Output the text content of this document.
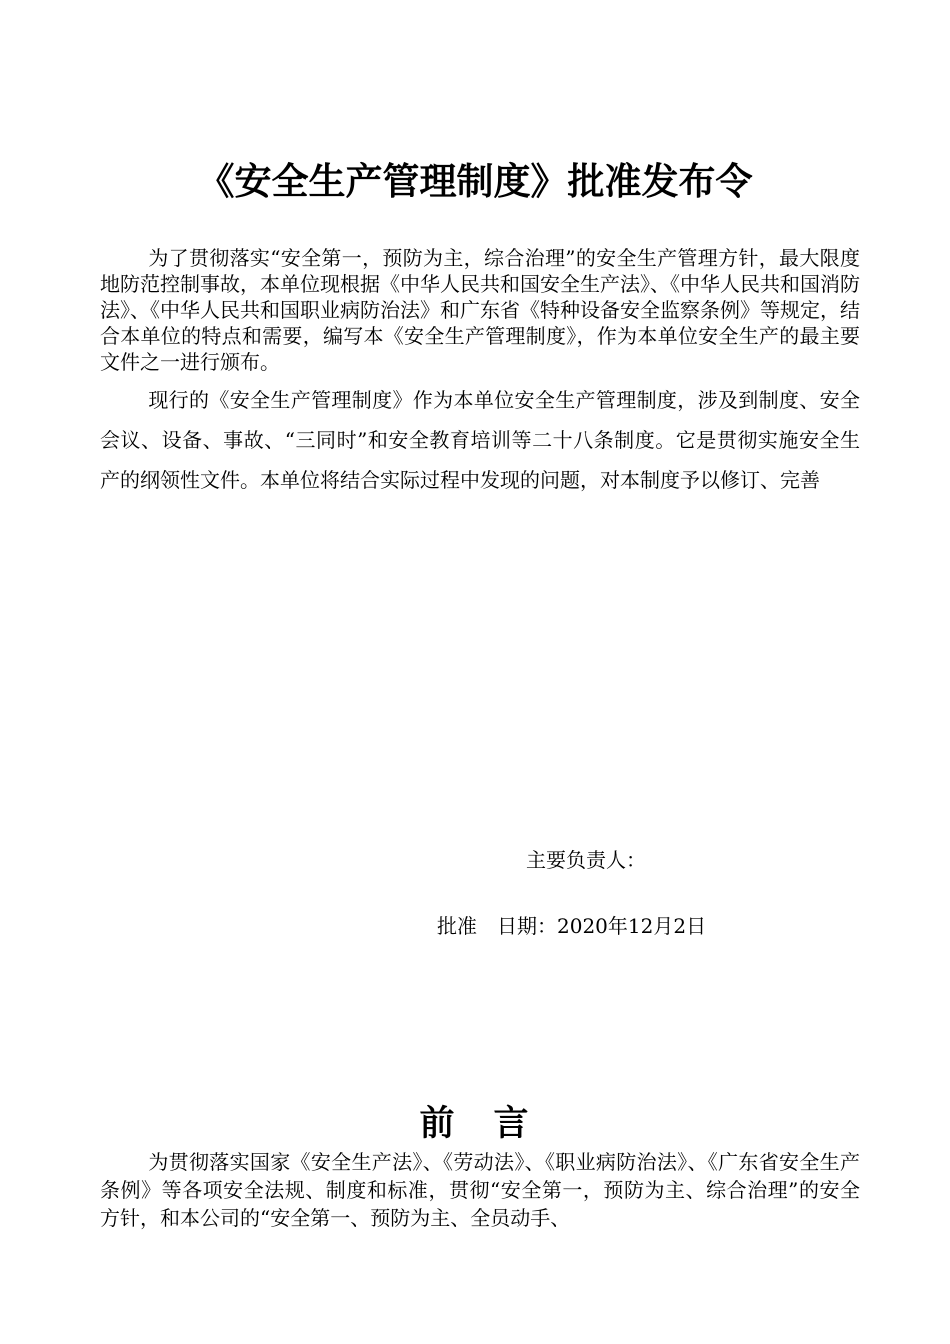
《安全生产管理制度》批准发布令

为了贯彻落实“安全第一，预防为主，综合治理”的安全生产管理方针，最大限度地防范控制事故，本单位现根据《中华人民共和国安全生产法》、《中华人民共和国消防法》、《中华人民共和国职业病防治法》和广东省《特种设备安全监察条例》等规定，结合本单位的特点和需要，编写本《安全生产管理制度》，作为本单位安全生产的最主要文件之一进行颁布。

现行的《安全生产管理制度》作为本单位安全生产管理制度，涉及到制度、安全会议、设备、事故、“三同时”和安全教育培训等二十八条制度。它是贯彻实施安全生产的纲领性文件。本单位将结合实际过程中发现的问题，对本制度予以修订、完善

主要负责人：

批准　日期：2020年12月2日

前　言

为贯彻落实国家《安全生产法》、《劳动法》、《职业病防治法》、《广东省安全生产条例》等各项安全法规、制度和标准，贯彻“安全第一，预防为主、综合治理”的安全方针，和本公司的“安全第一、预防为主、全员动手、
